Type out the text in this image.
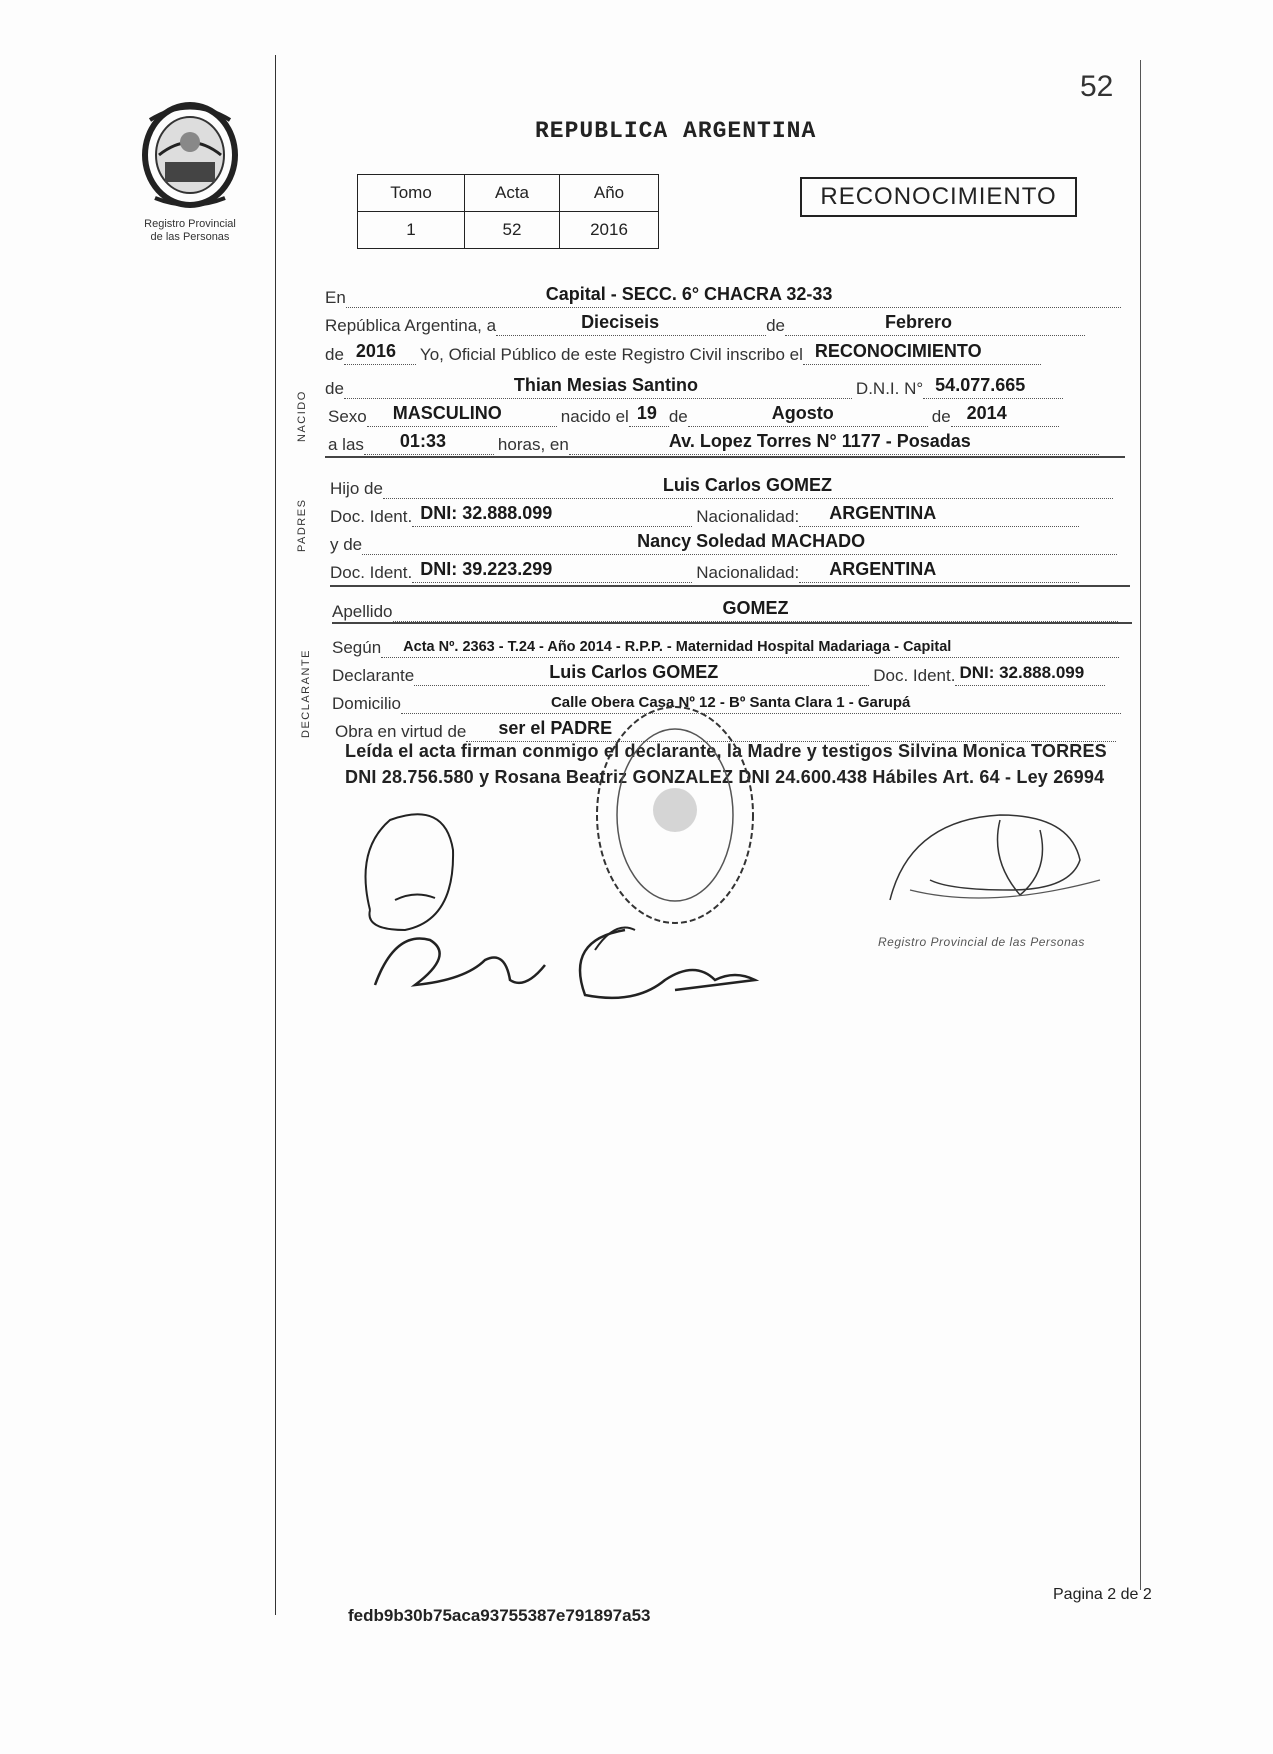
52
Registro Provincial
de las Personas
REPUBLICA ARGENTINA
Tomo	Acta	Año
1	52	2016
RECONOCIMIENTO
NACIDO
PADRES
DECLARANTE
En	Capital - SECC. 6° CHACRA 32-33
República Argentina, a	Dieciseis	de	Febrero
de 2016 Yo, Oficial Público de este Registro Civil inscribo el RECONOCIMIENTO
de	Thian Mesias Santino	D.N.I. N° 54.077.665
Sexo MASCULINO	nacido el 19 de	Agosto	de 2014
a las 01:33	horas, en	Av. Lopez Torres N° 1177 - Posadas
Hijo de	Luis Carlos GOMEZ
Doc. Ident. DNI: 32.888.099	Nacionalidad: ARGENTINA
y de	Nancy Soledad MACHADO
Doc. Ident. DNI: 39.223.299	Nacionalidad: ARGENTINA
Apellido	GOMEZ
Según Acta Nº. 2363 - T.24 - Año 2014 - R.P.P. - Maternidad Hospital Madariaga - Capital
Declarante	Luis Carlos GOMEZ	Doc. Ident. DNI: 32.888.099
Domicilio	Calle Obera Casa Nº 12 - Bº Santa Clara 1 - Garupá
Obra en virtud de ser el PADRE
Leída el acta firman conmigo el declarante, la Madre y testigos Silvina Monica TORRES DNI 28.756.580 y Rosana Beatriz GONZALEZ DNI 24.600.438 Hábiles Art. 64 - Ley 26994
Registro Provincial de las Personas
fedb9b30b75aca93755387e791897a53
Pagina 2 de 2
